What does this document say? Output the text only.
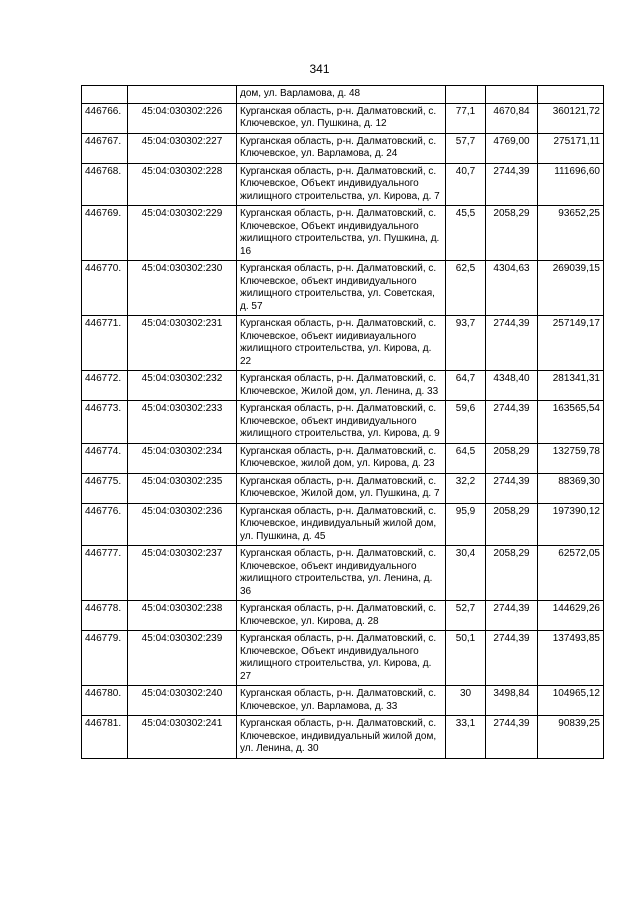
341
		дом, ул. Варламова, д. 48			
446766.	45:04:030302:226	Курганская область, р-н. Далматовский, с. Ключевское, ул. Пушкина, д. 12	77,1	4670,84	360121,72
446767.	45:04:030302:227	Курганская область, р-н. Далматовский, с. Ключевское, ул. Варламова, д. 24	57,7	4769,00	275171,11
446768.	45:04:030302:228	Курганская область, р-н. Далматовский, с. Ключевское, Объект индивидуального жилищного строительства, ул. Кирова, д. 7	40,7	2744,39	111696,60
446769.	45:04:030302:229	Курганская область, р-н. Далматовский, с. Ключевское, Объект индивидуального жилищного строительства, ул. Пушкина, д. 16	45,5	2058,29	93652,25
446770.	45:04:030302:230	Курганская область, р-н. Далматовский, с. Ключевское, объект индивидуального жилищного строительства, ул. Советская, д. 57	62,5	4304,63	269039,15
446771.	45:04:030302:231	Курганская область, р-н. Далматовский, с. Ключевское, объект иидивиауального жилищного строительства, ул. Кирова, д. 22	93,7	2744,39	257149,17
446772.	45:04:030302:232	Курганская область, р-н. Далматовский, с. Ключевское, Жилой дом, ул. Ленина, д. 33	64,7	4348,40	281341,31
446773.	45:04:030302:233	Курганская область, р-н. Далматовский, с. Ключевское, объект индивидуального жилищного строительства, ул. Кирова, д. 9	59,6	2744,39	163565,54
446774.	45:04:030302:234	Курганская область, р-н. Далматовский, с. Ключевское, жилой дом, ул. Кирова, д. 23	64,5	2058,29	132759,78
446775.	45:04:030302:235	Курганская область, р-н. Далматовский, с. Ключевское, Жилой дом, ул. Пушкина, д. 7	32,2	2744,39	88369,30
446776.	45:04:030302:236	Курганская область, р-н. Далматовский, с. Ключевское, индивидуальный жилой дом, ул. Пушкина, д. 45	95,9	2058,29	197390,12
446777.	45:04:030302:237	Курганская область, р-н. Далматовский, с. Ключевское, объект индивидуального жилищного строительства, ул. Ленина, д. 36	30,4	2058,29	62572,05
446778.	45:04:030302:238	Курганская область, р-н. Далматовский, с. Ключевское, ул. Кирова, д. 28	52,7	2744,39	144629,26
446779.	45:04:030302:239	Курганская область, р-н. Далматовский, с. Ключевское, Объект индивидуального жилищного строительства, ул. Кирова, д. 27	50,1	2744,39	137493,85
446780.	45:04:030302:240	Курганская область, р-н. Далматовский, с. Ключевское, ул. Варламова, д. 33	30	3498,84	104965,12
446781.	45:04:030302:241	Курганская область, р-н. Далматовский, с. Ключевское, индивидуальный жилой дом, ул. Ленина, д. 30	33,1	2744,39	90839,25
